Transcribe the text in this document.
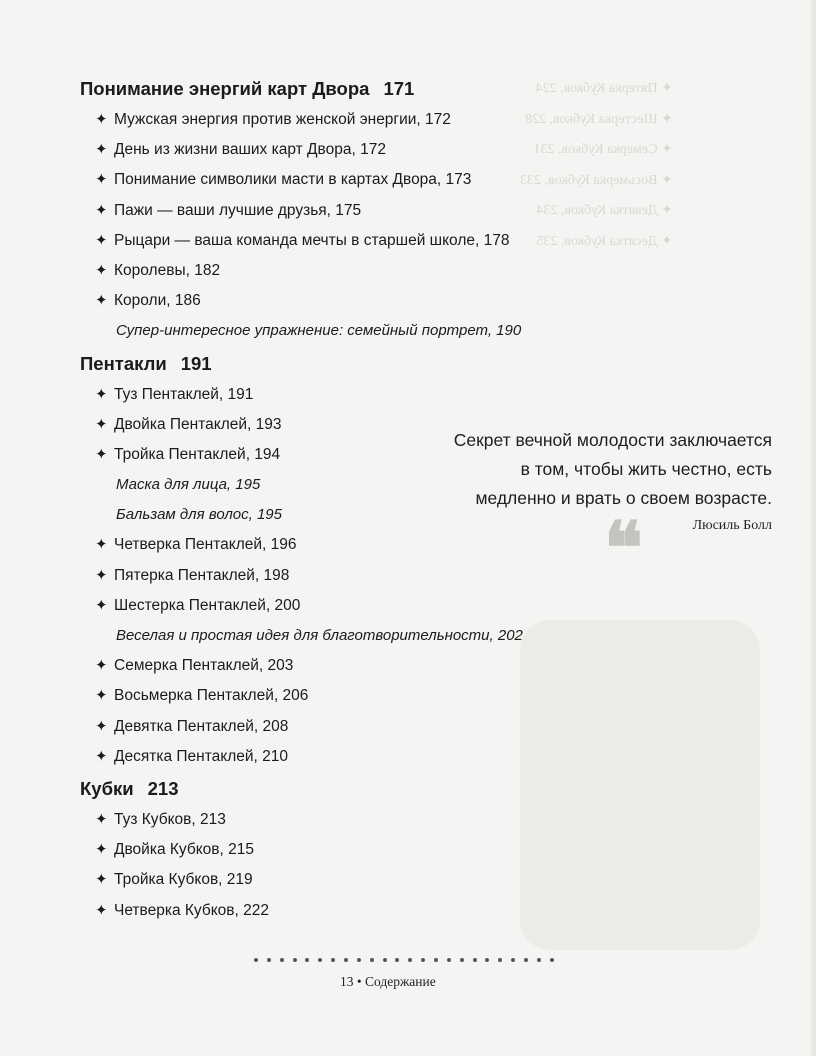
✦ Пятерка Кубков, 224
✦ Шестерка Кубков, 228
✦ Семерка Кубков, 231
✦ Восьмерка Кубков, 233
✦ Девятка Кубков, 234
✦ Десятка Кубков, 235
Понимание энергий карт Двора 171
✦ Мужская энергия против женской энергии, 172
✦ День из жизни ваших карт Двора, 172
✦ Понимание символики масти в картах Двора, 173
✦ Пажи — ваши лучшие друзья, 175
✦ Рыцари — ваша команда мечты в старшей школе, 178
✦ Королевы, 182
✦ Короли, 186
Супер-интересное упражнение: семейный портрет, 190
Пентакли 191
✦ Туз Пентаклей, 191
✦ Двойка Пентаклей, 193
✦ Тройка Пентаклей, 194
Маска для лица, 195
Бальзам для волос, 195
✦ Четверка Пентаклей, 196
✦ Пятерка Пентаклей, 198
✦ Шестерка Пентаклей, 200
Веселая и простая идея для благотворительности, 202
✦ Семерка Пентаклей, 203
✦ Восьмерка Пентаклей, 206
✦ Девятка Пентаклей, 208
✦ Десятка Пентаклей, 210
Кубки 213
✦ Туз Кубков, 213
✦ Двойка Кубков, 215
✦ Тройка Кубков, 219
✦ Четверка Кубков, 222
Секрет вечной молодости заключается
в том, чтобы жить честно, есть
медленно и врать о своем возрасте.
❝	Люсиль Болл
13 • Содержание
